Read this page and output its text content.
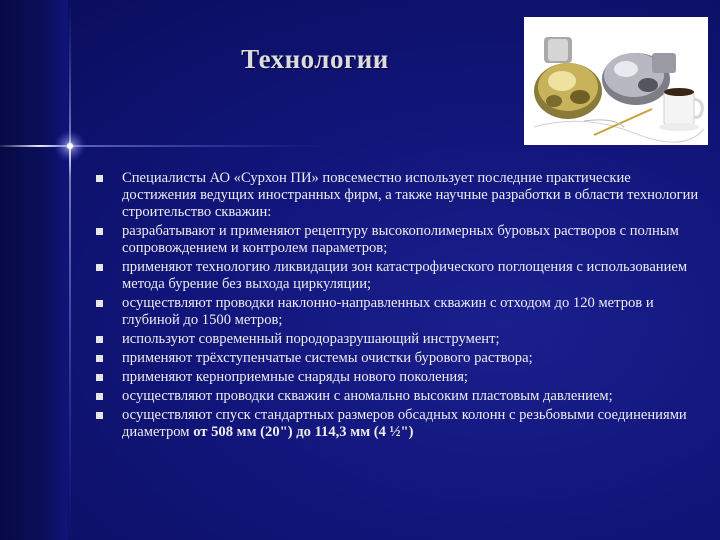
Технологии
Специалисты АО «Сурхон ПИ» повсеместно использует последние практические достижения ведущих иностранных фирм, а также научные разработки в области технологии строительство скважин:
разрабатывают и применяют рецептуру высокополимерных буровых растворов с полным сопровождением и контролем параметров;
применяют технологию ликвидации зон катастрофического поглощения с использованием метода бурение без выхода циркуляции;
осуществляют проводки наклонно-направленных скважин с отходом до 120 метров и глубиной до 1500 метров;
используют современный породоразрушающий инструмент;
применяют трёхступенчатые системы очистки бурового раствора;
применяют керноприемные снаряды нового поколения;
осуществляют проводки скважин с аномально высоким пластовым давлением;
осуществляют спуск стандартных размеров обсадных колонн с резьбовыми соединениями диаметром от 508 мм (20") до 114,3 мм (4 ½")
